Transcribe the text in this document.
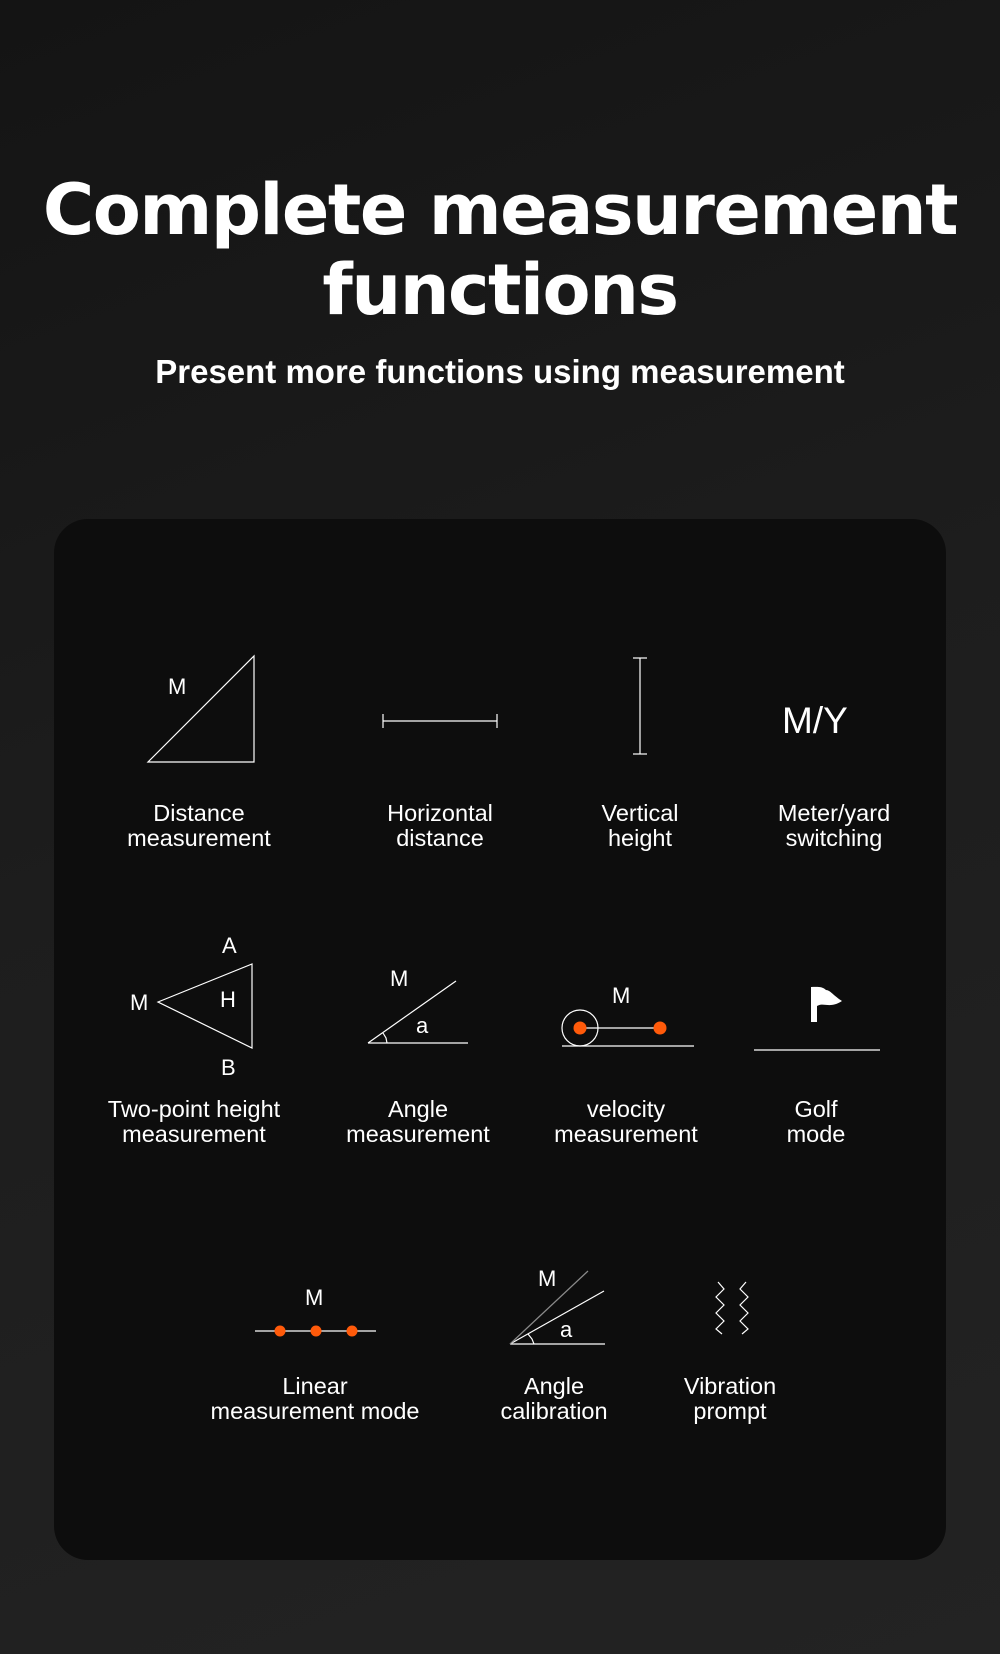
Complete measurement
functions

Present more functions using measurement

M
Distance
measurement
Horizontal
distance
Vertical
height
M/Y
Meter/yard
switching
A
M	H
B
Two-point height
measurement
M
a
Angle
measurement
M
velocity
measurement
Golf
mode
M
Linear
measurement mode
M
a
Angle
calibration
Vibration
prompt
